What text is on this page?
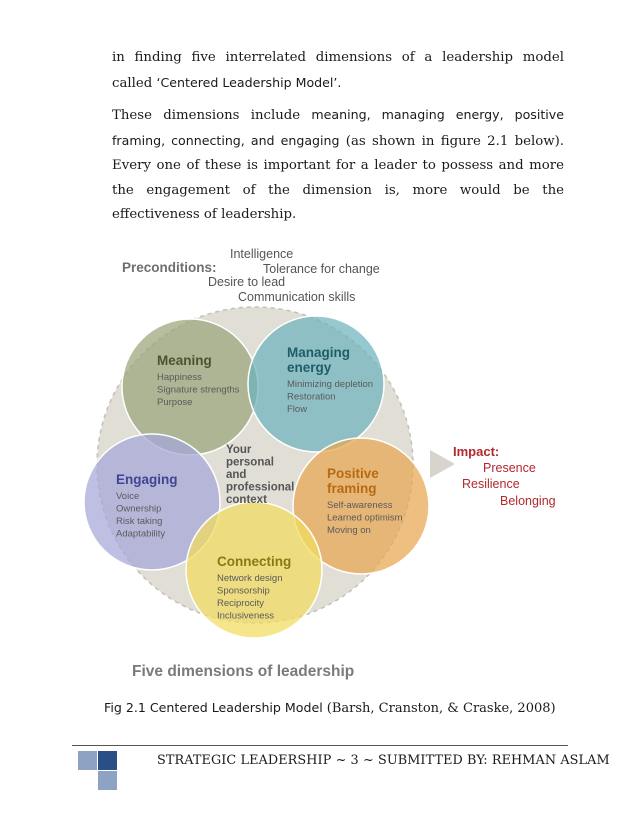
in finding five interrelated dimensions of a leadership model called ‘Centered Leadership Model’.

These dimensions include meaning, managing energy, positive framing, connecting, and engaging (as shown in figure 2.1 below). Every one of these is important for a leader to possess and more the engagement of the dimension is, more would be the effectiveness of leadership.

Preconditions:
Intelligence
Tolerance for change
Desire to lead
Communication skills
Meaning
Happiness
Signature strengths
Purpose
Managing
energy
Minimizing depletion
Restoration
Flow
Positive
framing
Self-awareness
Learned optimism
Moving on
Connecting
Network design
Sponsorship
Reciprocity
Inclusiveness
Engaging
Voice
Ownership
Risk taking
Adaptability
Your
personal
and
professional
context
Impact:
Presence
Resilience
Belonging
Five dimensions of leadership
Fig 2.1 Centered Leadership Model (Barsh, Cranston, & Craske, 2008)
STRATEGIC LEADERSHIP ~ 3 ~ SUBMITTED BY: REHMAN ASLAM
